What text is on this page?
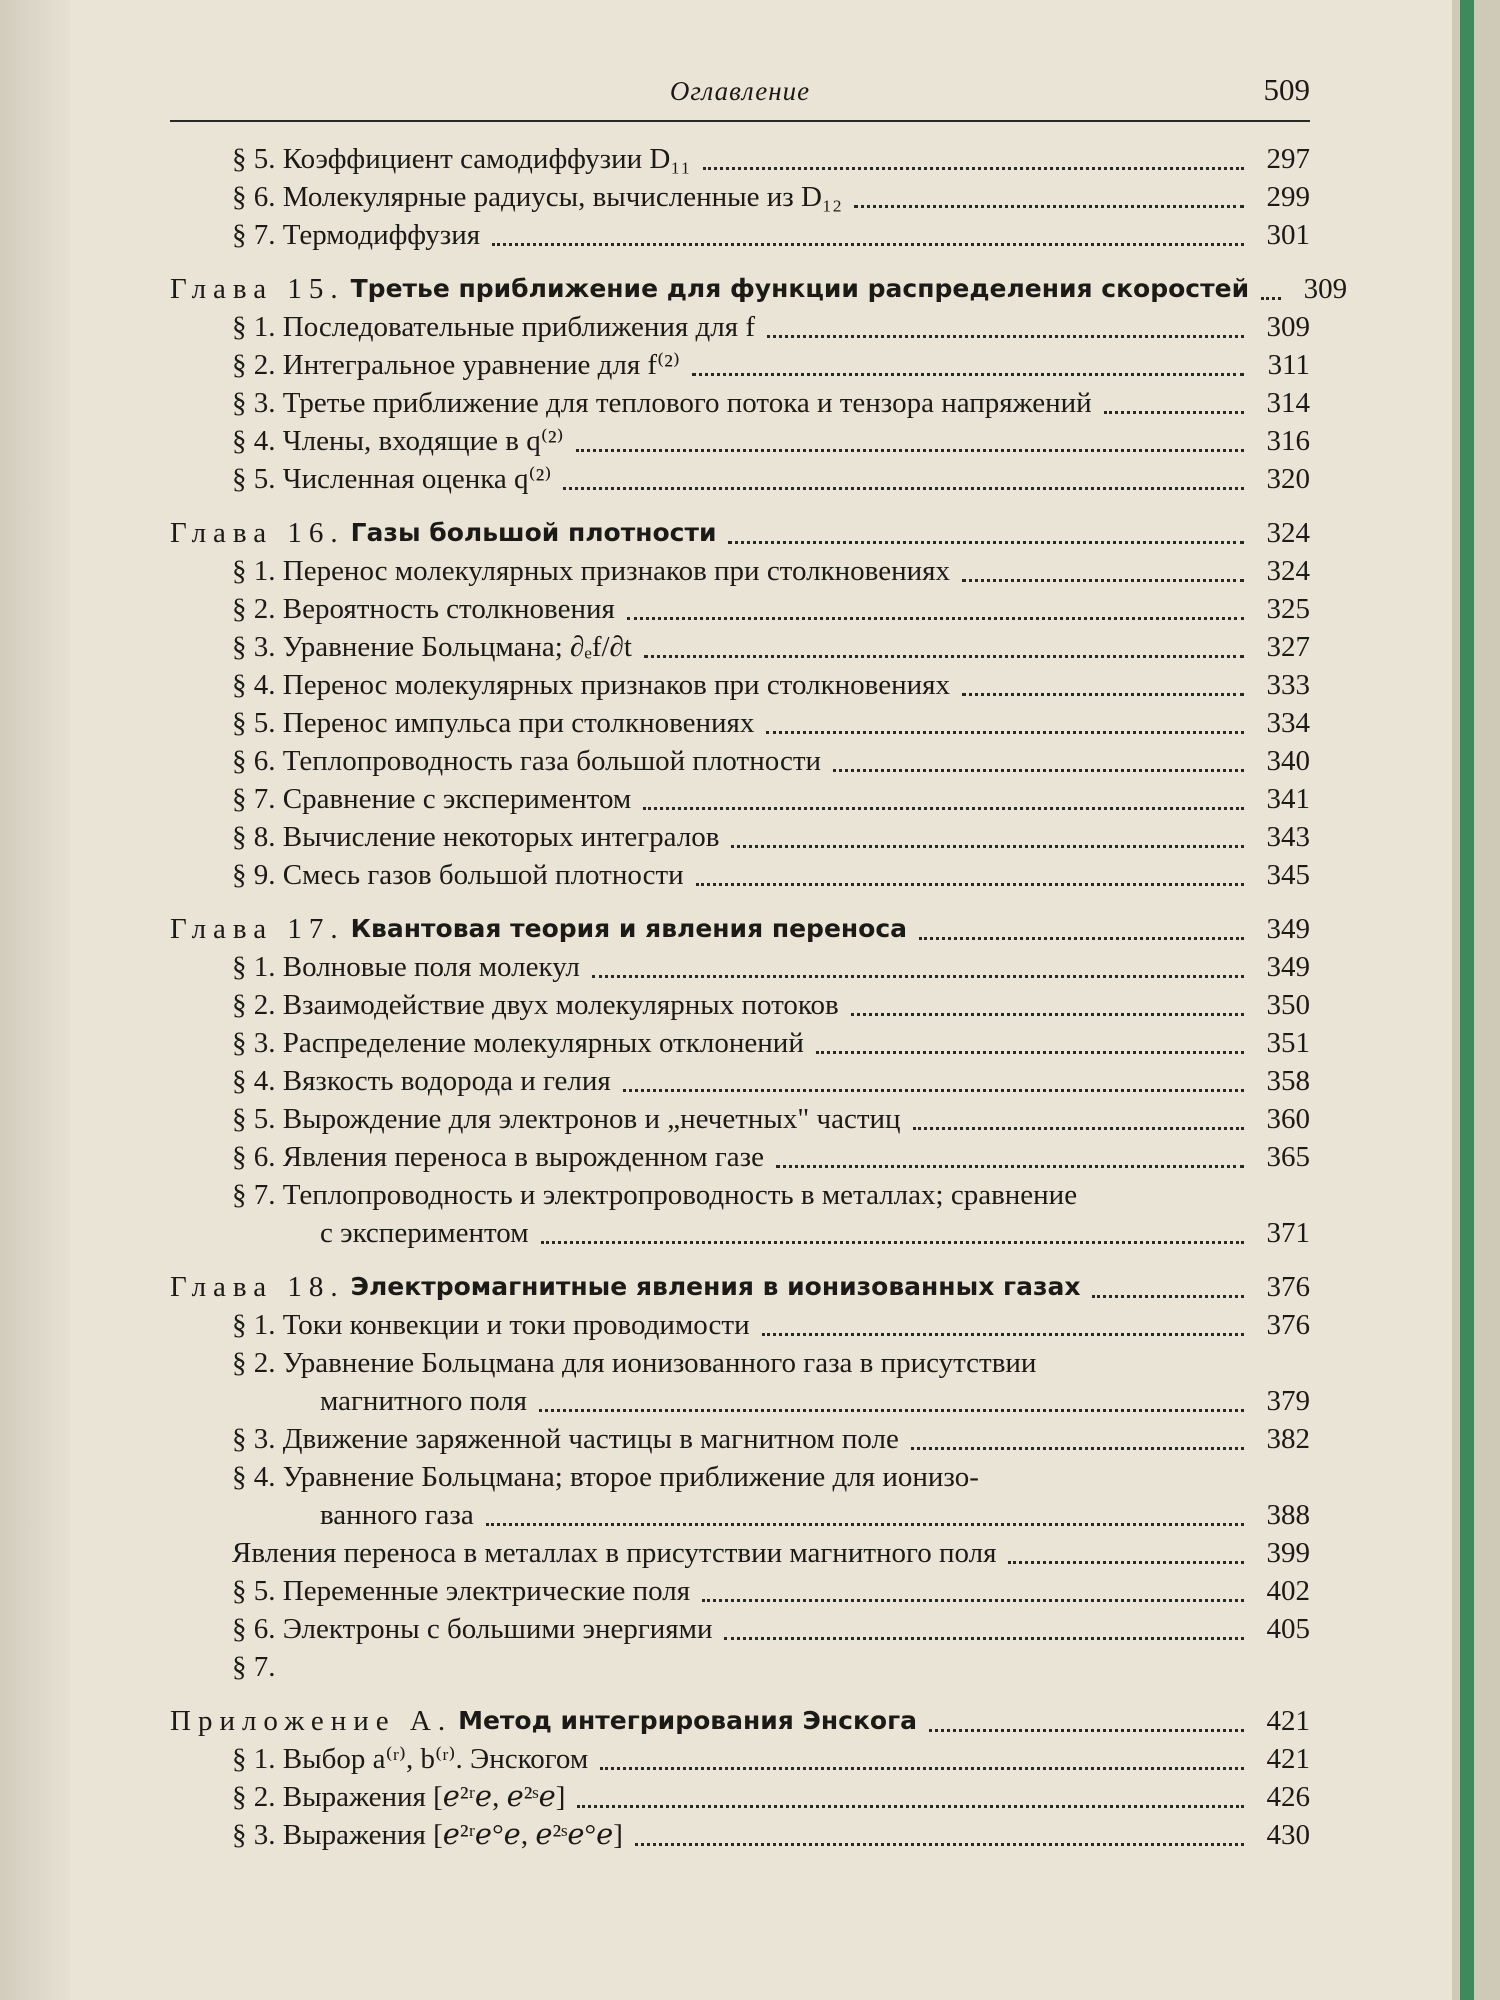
Оглавление	509
§ 5. Коэффициент самодиффузии D₁₁	297
§ 6. Молекулярные радиусы, вычисленные из D₁₂	299
§ 7. Термодиффузия	301
Глава 15. Третье приближение для функции распределения скоростей	309
§ 1. Последовательные приближения для f	309
§ 2. Интегральное уравнение для f⁽²⁾	311
§ 3. Третье приближение для теплового потока и тензора напряжений	314
§ 4. Члены, входящие в q⁽²⁾	316
§ 5. Численная оценка q⁽²⁾	320
Глава 16. Газы большой плотности	324
§ 1. Перенос молекулярных признаков при столкновениях	324
§ 2. Вероятность столкновения	325
§ 3. Уравнение Больцмана; ∂ₑf/∂t	327
§ 4. Перенос молекулярных признаков при столкновениях	333
§ 5. Перенос импульса при столкновениях	334
§ 6. Теплопроводность газа большой плотности	340
§ 7. Сравнение с экспериментом	341
§ 8. Вычисление некоторых интегралов	343
§ 9. Смесь газов большой плотности	345
Глава 17. Квантовая теория и явления переноса	349
§ 1. Волновые поля молекул	349
§ 2. Взаимодействие двух молекулярных потоков	350
§ 3. Распределение молекулярных отклонений	351
§ 4. Вязкость водорода и гелия	358
§ 5. Вырождение для электронов и „нечетных" частиц	360
§ 6. Явления переноса в вырожденном газе	365
§ 7. Теплопроводность и электропроводность в металлах; сравнение
с экспериментом	371
Глава 18. Электромагнитные явления в ионизованных газах	376
§ 1. Токи конвекции и токи проводимости	376
§ 2. Уравнение Больцмана для ионизованного газа в присутствии
магнитного поля	379
§ 3. Движение заряженной частицы в магнитном поле	382
§ 4. Уравнение Больцмана; второе приближение для ионизо-
ванного газа	388
Явления переноса в металлах в присутствии магнитного поля	399
§ 5. Переменные электрические поля	402
§ 6. Электроны с большими энергиями	405
§ 7.
Приложение А. Метод интегрирования Энскога	421
§ 1. Выбор a⁽ʳ⁾, b⁽ʳ⁾. Энскогом	421
§ 2. Выражения [ℯ²ʳℯ, ℯ²ˢℯ]	426
§ 3. Выражения [ℯ²ʳℯ°ℯ, ℯ²ˢℯ°ℯ]	430
